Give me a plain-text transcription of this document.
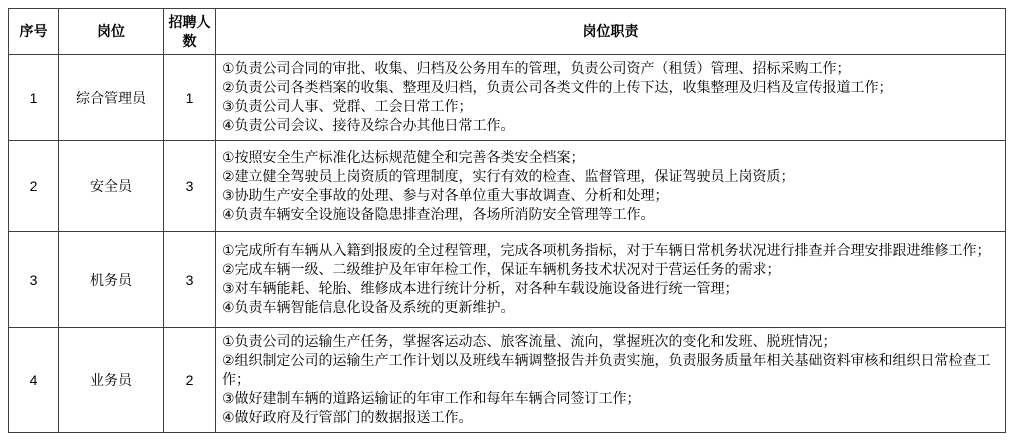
序号	岗位	招聘人数	岗位职责
1	综合管理员	1	①负责公司合同的审批、收集、归档及公务用车的管理，负责公司资产（租赁）管理、招标采购工作；
②负责公司各类档案的收集、整理及归档，负责公司各类文件的上传下达，收集整理及归档及宣传报道工作；
③负责公司人事、党群、工会日常工作；
④负责公司会议、接待及综合办其他日常工作。

2	安全员	3	①按照安全生产标准化达标规范健全和完善各类安全档案；
②建立健全驾驶员上岗资质的管理制度，实行有效的检查、监督管理，保证驾驶员上岗资质；
③协助生产安全事故的处理、参与对各单位重大事故调查、分析和处理；
④负责车辆安全设施设备隐患排查治理，各场所消防安全管理等工作。

3	机务员	3	①完成所有车辆从入籍到报废的全过程管理，完成各项机务指标，对于车辆日常机务状况进行排查并合理安排跟进维修工作；
②完成车辆一级、二级维护及年审年检工作，保证车辆机务技术状况对于营运任务的需求；
③对车辆能耗、轮胎、维修成本进行统计分析，对各种车载设施设备进行统一管理；
④负责车辆智能信息化设备及系统的更新维护。

4	业务员	2	①负责公司的运输生产任务，掌握客运动态、旅客流量、流向，掌握班次的变化和发班、脱班情况；
②组织制定公司的运输生产工作计划以及班线车辆调整报告并负责实施，负责服务质量年相关基础资料审核和组织日常检查工作；
③做好建制车辆的道路运输证的年审工作和每年车辆合同签订工作；
④做好政府及行管部门的数据报送工作。
